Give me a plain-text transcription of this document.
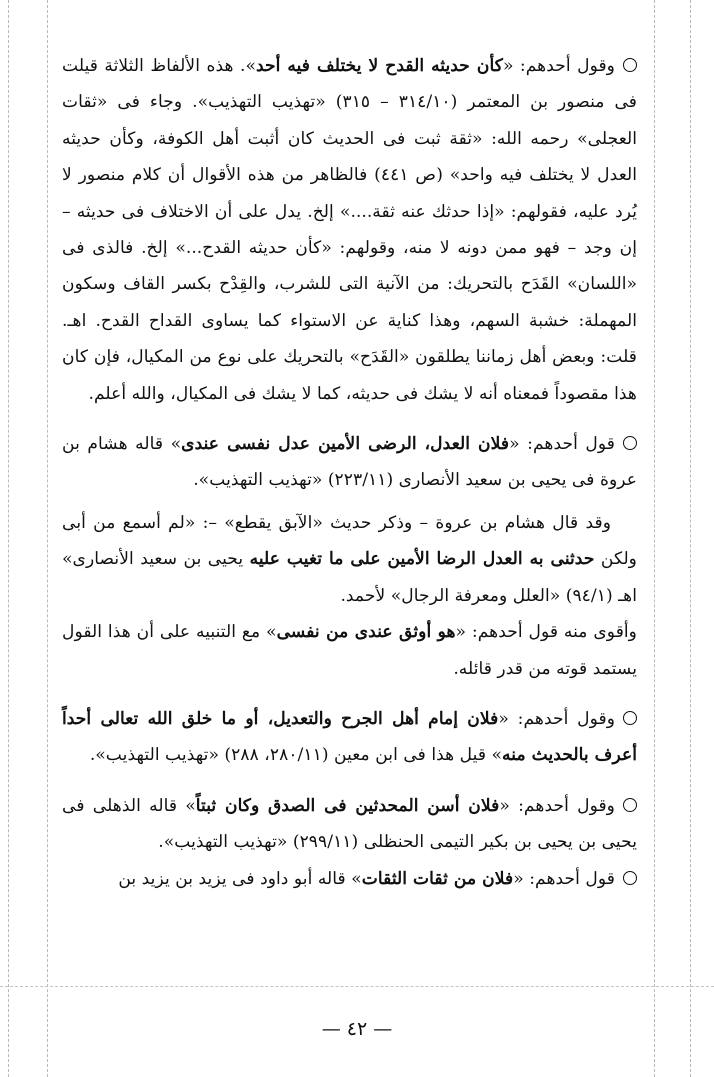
وقول أحدهم: «كأن حديثه القدح لا يختلف فيه أحد». هذه الألفاظ الثلاثة قيلت فى منصور بن المعتمر (٣١٤/١٠ – ٣١٥) «تهذيب التهذيب». وجاء فى «ثقات العجلى» رحمه الله: «ثقة ثبت فى الحديث كان أثبت أهل الكوفة، وكأن حديثه العدل لا يختلف فيه واحد» (ص ٤٤١) فالظاهر من هذه الأقوال أن كلام منصور لا يُرد عليه، فقولهم: «إذا حدثك عنه ثقة....» إلخ. يدل على أن الاختلاف فى حديثه – إن وجد – فهو ممن دونه لا منه، وقولهم: «كأن حديثه القدح...» إلخ. فالذى فى «اللسان» القَدَح بالتحريك: من الآنية التى للشرب، والقِدْح بكسر القاف وسكون المهملة: خشبة السهم، وهذا كناية عن الاستواء كما يساوى القداح القدح. اهـ. قلت: وبعض أهل زماننا يطلقون «القَدَح» بالتحريك على نوع من المكيال، فإن كان هذا مقصوداً فمعناه أنه لا يشك فى حديثه، كما لا يشك فى المكيال، والله أعلم.

قول أحدهم: «فلان العدل، الرضى الأمين عدل نفسى عندى» قاله هشام بن عروة فى يحيى بن سعيد الأنصارى (٢٢٣/١١) «تهذيب التهذيب».

وقد قال هشام بن عروة – وذكر حديث «الآبق يقطع» –: «لم أسمع من أبى ولكن حدثنى به العدل الرضا الأمين على ما تغيب عليه يحيى بن سعيد الأنصارى» اهـ (٩٤/١) «العلل ومعرفة الرجال» لأحمد.

وأقوى منه قول أحدهم: «هو أوثق عندى من نفسى» مع التنبيه على أن هذا القول يستمد قوته من قدر قائله.

وقول أحدهم: «فلان إمام أهل الجرح والتعديل، أو ما خلق الله تعالى أحداً أعرف بالحديث منه» قيل هذا فى ابن معين (٢٨٠/١١، ٢٨٨) «تهذيب التهذيب».

وقول أحدهم: «فلان أسن المحدثين فى الصدق وكان ثبتاً» قاله الذهلى فى يحيى بن يحيى بن بكير التيمى الحنظلى (٢٩٩/١١) «تهذيب التهذيب».

قول أحدهم: «فلان من ثقات الثقات» قاله أبو داود فى يزيد بن يزيد بن

— ٤٢ —
